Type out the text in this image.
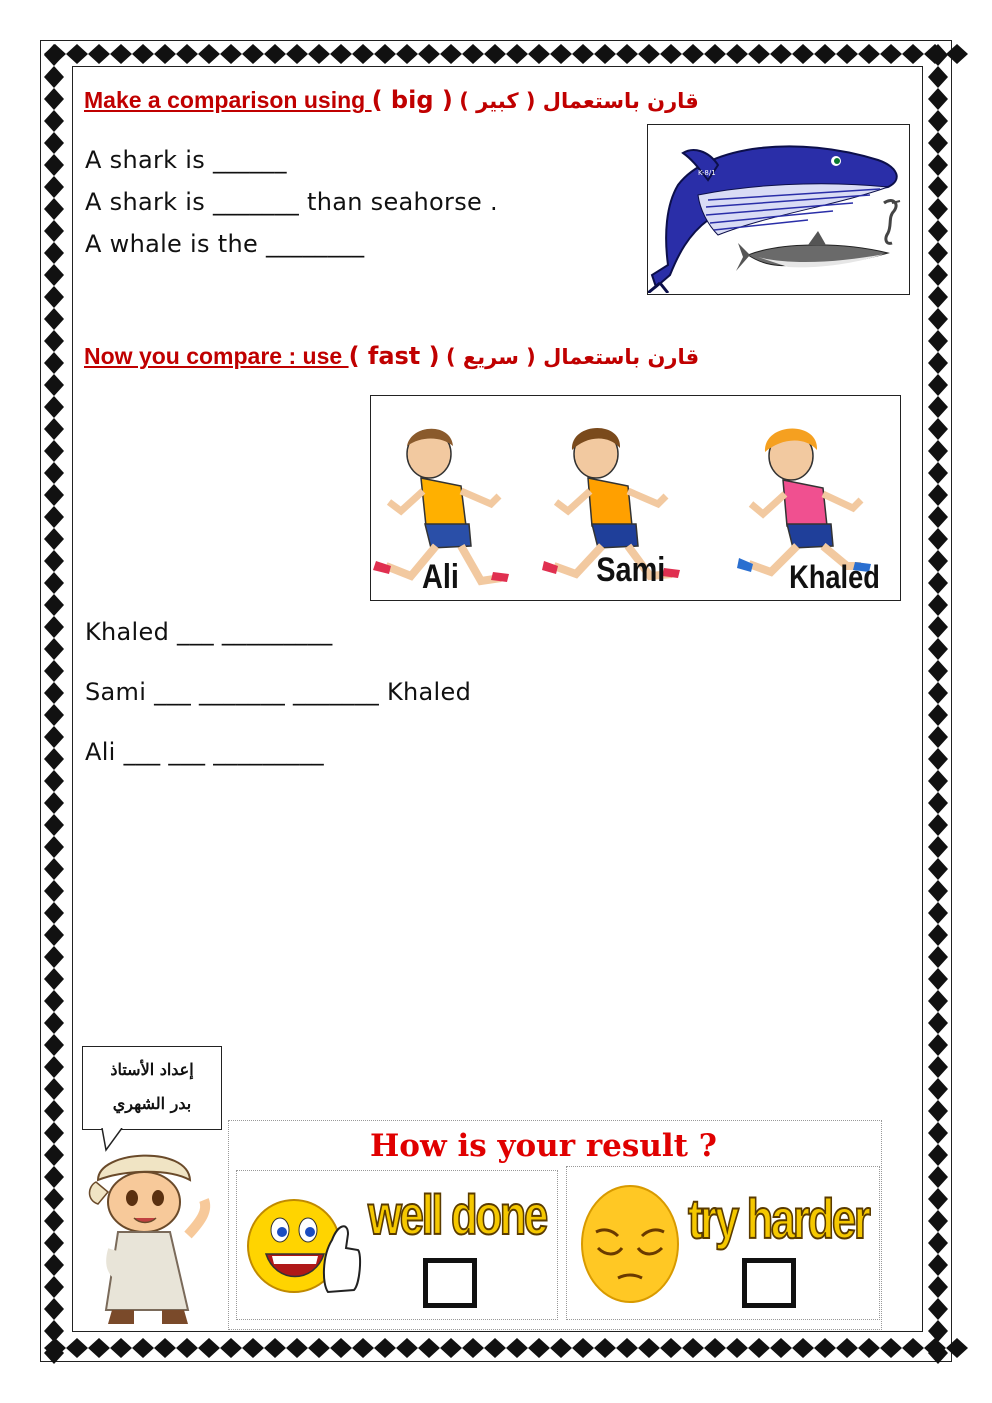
Make a comparison using ( big ) ( كبير ) قارن باستعمال
A shark is ______
A shark is _______ than seahorse .
A whale is the ________
K-8/1
Now you compare : use ( fast ) ( سريع ) قارن باستعمال
Ali	Sami	Khaled
Khaled ___ _________
Sami ___ _______ _______ Khaled
Ali ___ ___ _________
إعداد الأستاذ
بدر الشهري
How is your result ?
well done	try harder
